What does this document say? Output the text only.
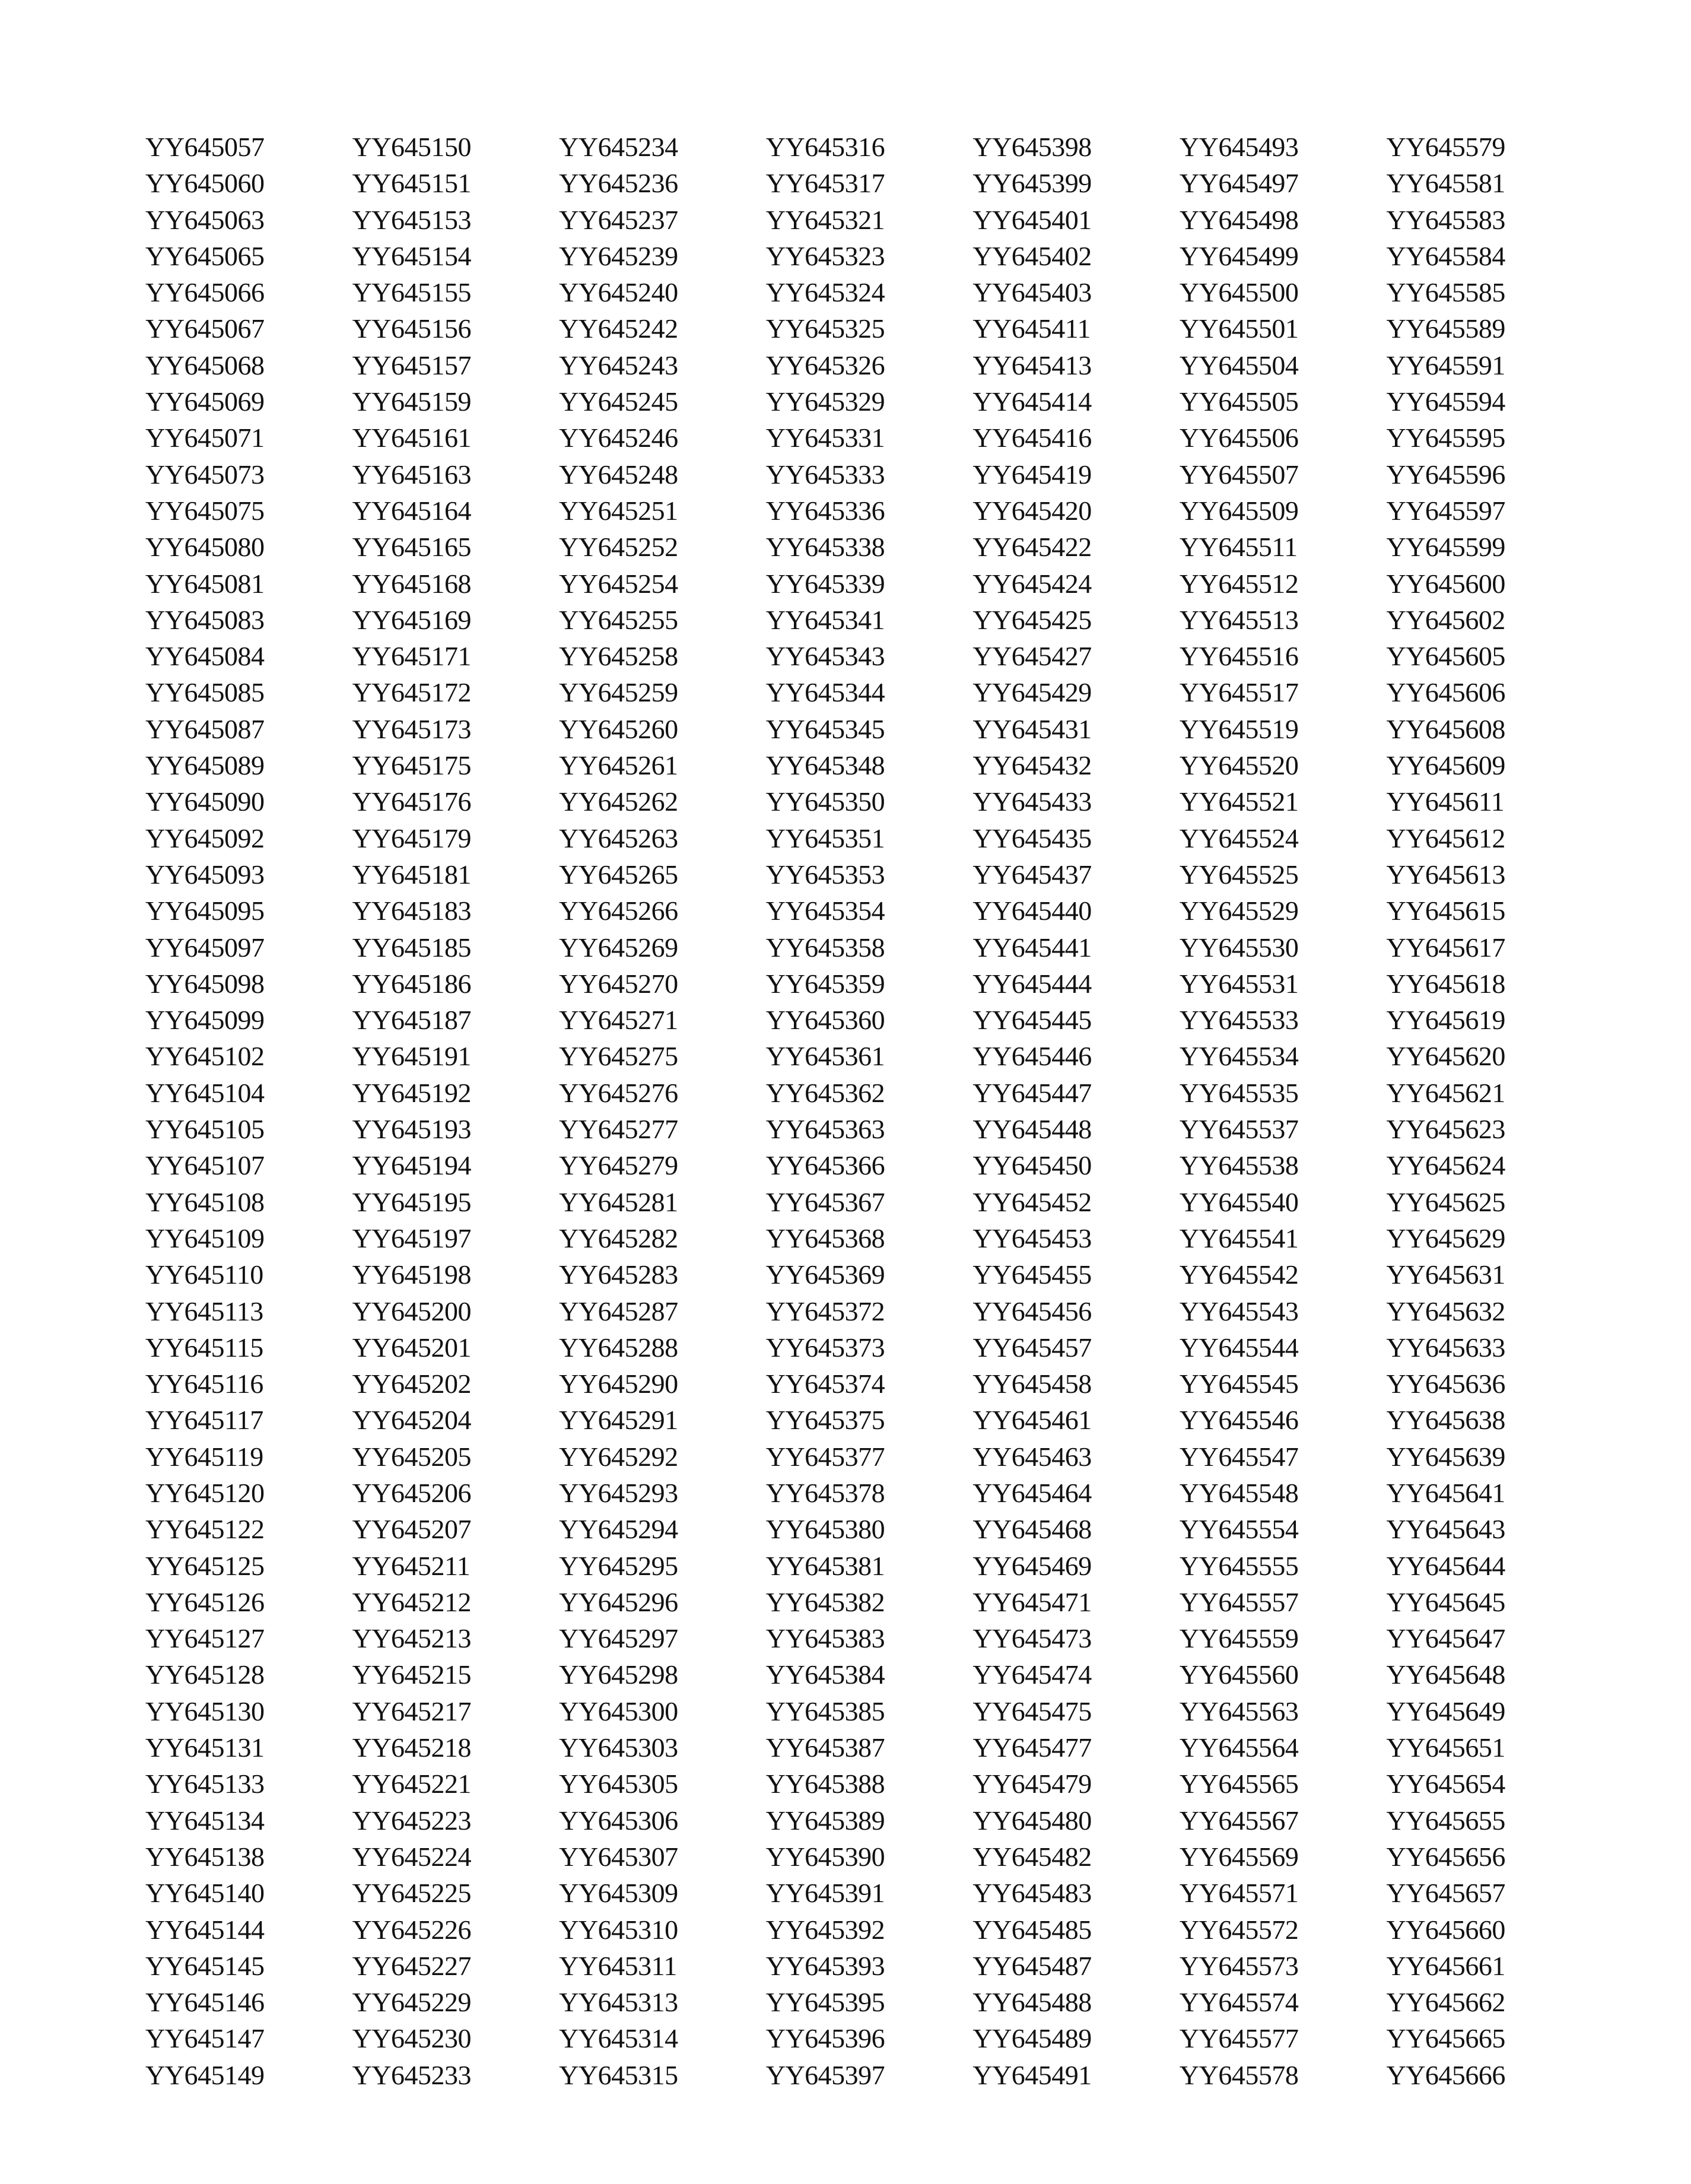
YY645057
YY645060
YY645063
YY645065
YY645066
YY645067
YY645068
YY645069
YY645071
YY645073
YY645075
YY645080
YY645081
YY645083
YY645084
YY645085
YY645087
YY645089
YY645090
YY645092
YY645093
YY645095
YY645097
YY645098
YY645099
YY645102
YY645104
YY645105
YY645107
YY645108
YY645109
YY645110
YY645113
YY645115
YY645116
YY645117
YY645119
YY645120
YY645122
YY645125
YY645126
YY645127
YY645128
YY645130
YY645131
YY645133
YY645134
YY645138
YY645140
YY645144
YY645145
YY645146
YY645147
YY645149
YY645150
YY645151
YY645153
YY645154
YY645155
YY645156
YY645157
YY645159
YY645161
YY645163
YY645164
YY645165
YY645168
YY645169
YY645171
YY645172
YY645173
YY645175
YY645176
YY645179
YY645181
YY645183
YY645185
YY645186
YY645187
YY645191
YY645192
YY645193
YY645194
YY645195
YY645197
YY645198
YY645200
YY645201
YY645202
YY645204
YY645205
YY645206
YY645207
YY645211
YY645212
YY645213
YY645215
YY645217
YY645218
YY645221
YY645223
YY645224
YY645225
YY645226
YY645227
YY645229
YY645230
YY645233
YY645234
YY645236
YY645237
YY645239
YY645240
YY645242
YY645243
YY645245
YY645246
YY645248
YY645251
YY645252
YY645254
YY645255
YY645258
YY645259
YY645260
YY645261
YY645262
YY645263
YY645265
YY645266
YY645269
YY645270
YY645271
YY645275
YY645276
YY645277
YY645279
YY645281
YY645282
YY645283
YY645287
YY645288
YY645290
YY645291
YY645292
YY645293
YY645294
YY645295
YY645296
YY645297
YY645298
YY645300
YY645303
YY645305
YY645306
YY645307
YY645309
YY645310
YY645311
YY645313
YY645314
YY645315
YY645316
YY645317
YY645321
YY645323
YY645324
YY645325
YY645326
YY645329
YY645331
YY645333
YY645336
YY645338
YY645339
YY645341
YY645343
YY645344
YY645345
YY645348
YY645350
YY645351
YY645353
YY645354
YY645358
YY645359
YY645360
YY645361
YY645362
YY645363
YY645366
YY645367
YY645368
YY645369
YY645372
YY645373
YY645374
YY645375
YY645377
YY645378
YY645380
YY645381
YY645382
YY645383
YY645384
YY645385
YY645387
YY645388
YY645389
YY645390
YY645391
YY645392
YY645393
YY645395
YY645396
YY645397
YY645398
YY645399
YY645401
YY645402
YY645403
YY645411
YY645413
YY645414
YY645416
YY645419
YY645420
YY645422
YY645424
YY645425
YY645427
YY645429
YY645431
YY645432
YY645433
YY645435
YY645437
YY645440
YY645441
YY645444
YY645445
YY645446
YY645447
YY645448
YY645450
YY645452
YY645453
YY645455
YY645456
YY645457
YY645458
YY645461
YY645463
YY645464
YY645468
YY645469
YY645471
YY645473
YY645474
YY645475
YY645477
YY645479
YY645480
YY645482
YY645483
YY645485
YY645487
YY645488
YY645489
YY645491
YY645493
YY645497
YY645498
YY645499
YY645500
YY645501
YY645504
YY645505
YY645506
YY645507
YY645509
YY645511
YY645512
YY645513
YY645516
YY645517
YY645519
YY645520
YY645521
YY645524
YY645525
YY645529
YY645530
YY645531
YY645533
YY645534
YY645535
YY645537
YY645538
YY645540
YY645541
YY645542
YY645543
YY645544
YY645545
YY645546
YY645547
YY645548
YY645554
YY645555
YY645557
YY645559
YY645560
YY645563
YY645564
YY645565
YY645567
YY645569
YY645571
YY645572
YY645573
YY645574
YY645577
YY645578
YY645579
YY645581
YY645583
YY645584
YY645585
YY645589
YY645591
YY645594
YY645595
YY645596
YY645597
YY645599
YY645600
YY645602
YY645605
YY645606
YY645608
YY645609
YY645611
YY645612
YY645613
YY645615
YY645617
YY645618
YY645619
YY645620
YY645621
YY645623
YY645624
YY645625
YY645629
YY645631
YY645632
YY645633
YY645636
YY645638
YY645639
YY645641
YY645643
YY645644
YY645645
YY645647
YY645648
YY645649
YY645651
YY645654
YY645655
YY645656
YY645657
YY645660
YY645661
YY645662
YY645665
YY645666
